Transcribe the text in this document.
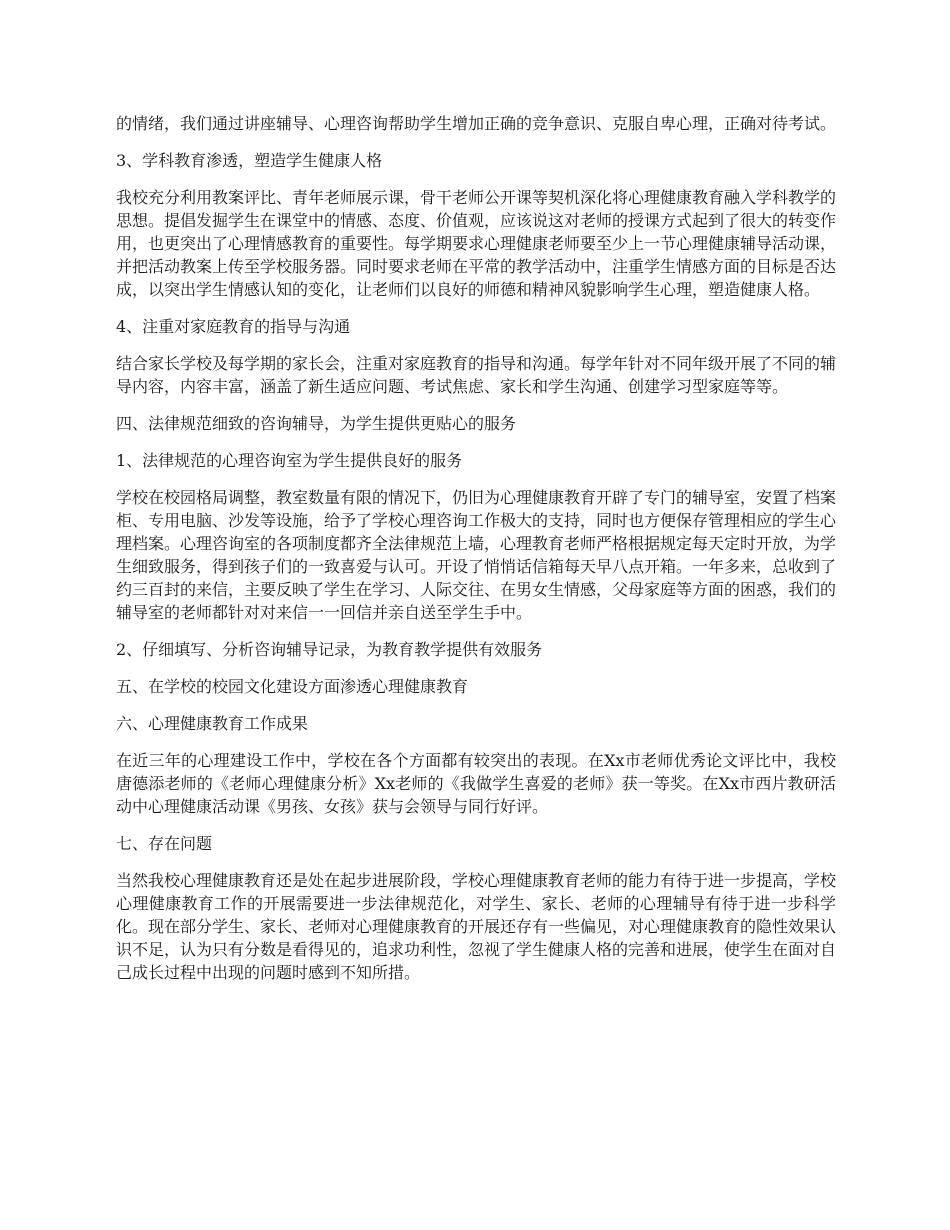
的情绪，我们通过讲座辅导、心理咨询帮助学生增加正确的竞争意识、克服自卑心理，正确对待考试。

3、学科教育渗透，塑造学生健康人格

我校充分利用教案评比、青年老师展示课，骨干老师公开课等契机深化将心理健康教育融入学科教学的思想。提倡发掘学生在课堂中的情感、态度、价值观，应该说这对老师的授课方式起到了很大的转变作用，也更突出了心理情感教育的重要性。每学期要求心理健康老师要至少上一节心理健康辅导活动课，并把活动教案上传至学校服务器。同时要求老师在平常的教学活动中，注重学生情感方面的目标是否达成，以突出学生情感认知的变化，让老师们以良好的师德和精神风貌影响学生心理，塑造健康人格。

4、注重对家庭教育的指导与沟通

结合家长学校及每学期的家长会，注重对家庭教育的指导和沟通。每学年针对不同年级开展了不同的辅导内容，内容丰富，涵盖了新生适应问题、考试焦虑、家长和学生沟通、创建学习型家庭等等。

四、法律规范细致的咨询辅导，为学生提供更贴心的服务

1、法律规范的心理咨询室为学生提供良好的服务

学校在校园格局调整，教室数量有限的情况下，仍旧为心理健康教育开辟了专门的辅导室，安置了档案柜、专用电脑、沙发等设施，给予了学校心理咨询工作极大的支持，同时也方便保存管理相应的学生心理档案。心理咨询室的各项制度都齐全法律规范上墙，心理教育老师严格根据规定每天定时开放，为学生细致服务，得到孩子们的一致喜爱与认可。开设了悄悄话信箱每天早八点开箱。一年多来，总收到了约三百封的来信，主要反映了学生在学习、人际交往、在男女生情感，父母家庭等方面的困惑，我们的辅导室的老师都针对对来信一一回信并亲自送至学生手中。

2、仔细填写、分析咨询辅导记录，为教育教学提供有效服务

五、在学校的校园文化建设方面渗透心理健康教育

六、心理健康教育工作成果

在近三年的心理建设工作中，学校在各个方面都有较突出的表现。在Xx市老师优秀论文评比中，我校唐德添老师的《老师心理健康分析》Xx老师的《我做学生喜爱的老师》获一等奖。在Xx市西片教研活动中心理健康活动课《男孩、女孩》获与会领导与同行好评。

七、存在问题

当然我校心理健康教育还是处在起步进展阶段，学校心理健康教育老师的能力有待于进一步提高，学校心理健康教育工作的开展需要进一步法律规范化，对学生、家长、老师的心理辅导有待于进一步科学化。现在部分学生、家长、老师对心理健康教育的开展还存有一些偏见，对心理健康教育的隐性效果认识不足，认为只有分数是看得见的，追求功利性，忽视了学生健康人格的完善和进展，使学生在面对自己成长过程中出现的问题时感到不知所措。
